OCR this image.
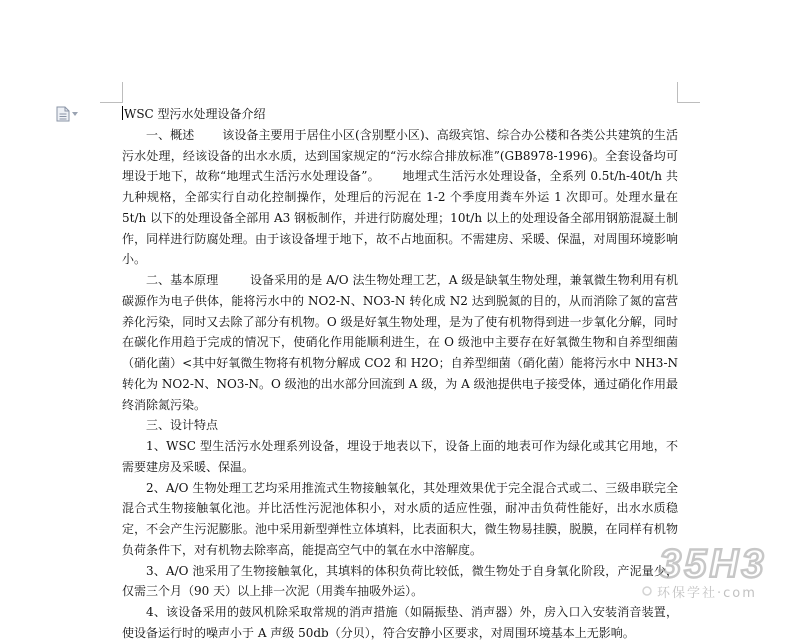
WSC 型污水处理设备介绍

一、概述 　　该设备主要用于居住小区(含别墅小区)、高级宾馆、综合办公楼和各类公共建筑的生活污水处理，经该设备的出水水质，达到国家规定的“污水综合排放标准”(GB8978-1996)。全套设备均可埋设于地下，故称“地埋式生活污水处理设备”。　　 地埋式生活污水处理设备，全系列 0.5t/h-40t/h 共九种规格，全部实行自动化控制操作，处理后的污泥在 1-2 个季度用粪车外运 1 次即可。处理水量在 5t/h 以下的处理设备全部用 A3 钢板制作，并进行防腐处理；10t/h 以上的处理设备全部用钢筋混凝土制作，同样进行防腐处理。由于该设备埋于地下，故不占地面积。不需建房、采暖、保温，对周围环境影响小。

二、基本原理 　　 设备采用的是 A/O 法生物处理工艺，A 级是缺氧生物处理，兼氧微生物利用有机碳源作为电子供体，能将污水中的 NO2-N、NO3-N 转化成 N2 达到脱氮的目的，从而消除了氮的富营养化污染，同时又去除了部分有机物。O 级是好氧生物处理，是为了使有机物得到进一步氧化分解，同时在碳化作用趋于完成的情况下，使硝化作用能顺利进生，在 O 级池中主要存在好氧微生物和自养型细菌（硝化菌）<其中好氧微生物将有机物分解成 CO2 和 H2O；自养型细菌（硝化菌）能将污水中 NH3-N 转化为 NO2-N、NO3-N。O 级池的出水部分回流到 A 级，为 A 级池提供电子接受体，通过硝化作用最终消除氮污染。

三、设计特点

1、WSC 型生活污水处理系列设备，埋设于地表以下，设备上面的地表可作为绿化或其它用地，不需要建房及采暖、保温。

2、A/O 生物处理工艺均采用推流式生物接触氧化，其处理效果优于完全混合式或二、三级串联完全混合式生物接触氧化池。并比活性污泥池体积小，对水质的适应性强，耐冲击负荷性能好，出水水质稳定，不会产生污泥膨胀。池中采用新型弹性立体填料，比表面积大，微生物易挂膜，脱膜，在同样有机物负荷条件下，对有机物去除率高，能提高空气中的氧在水中溶解度。

3、A/O 池采用了生物接触氧化，其填料的体积负荷比较低，微生物处于自身氧化阶段，产泥量少，仅需三个月（90 天）以上排一次泥（用粪车抽吸外运）。

4、该设备采用的鼓风机除采取常规的消声措施（如隔振垫、消声器）外，房入口入安装消音装置，使设备运行时的噪声小于 A 声级 50db（分贝），符合安静小区要求，对周围环境基本上无影响。

35H3
环保学社·com
